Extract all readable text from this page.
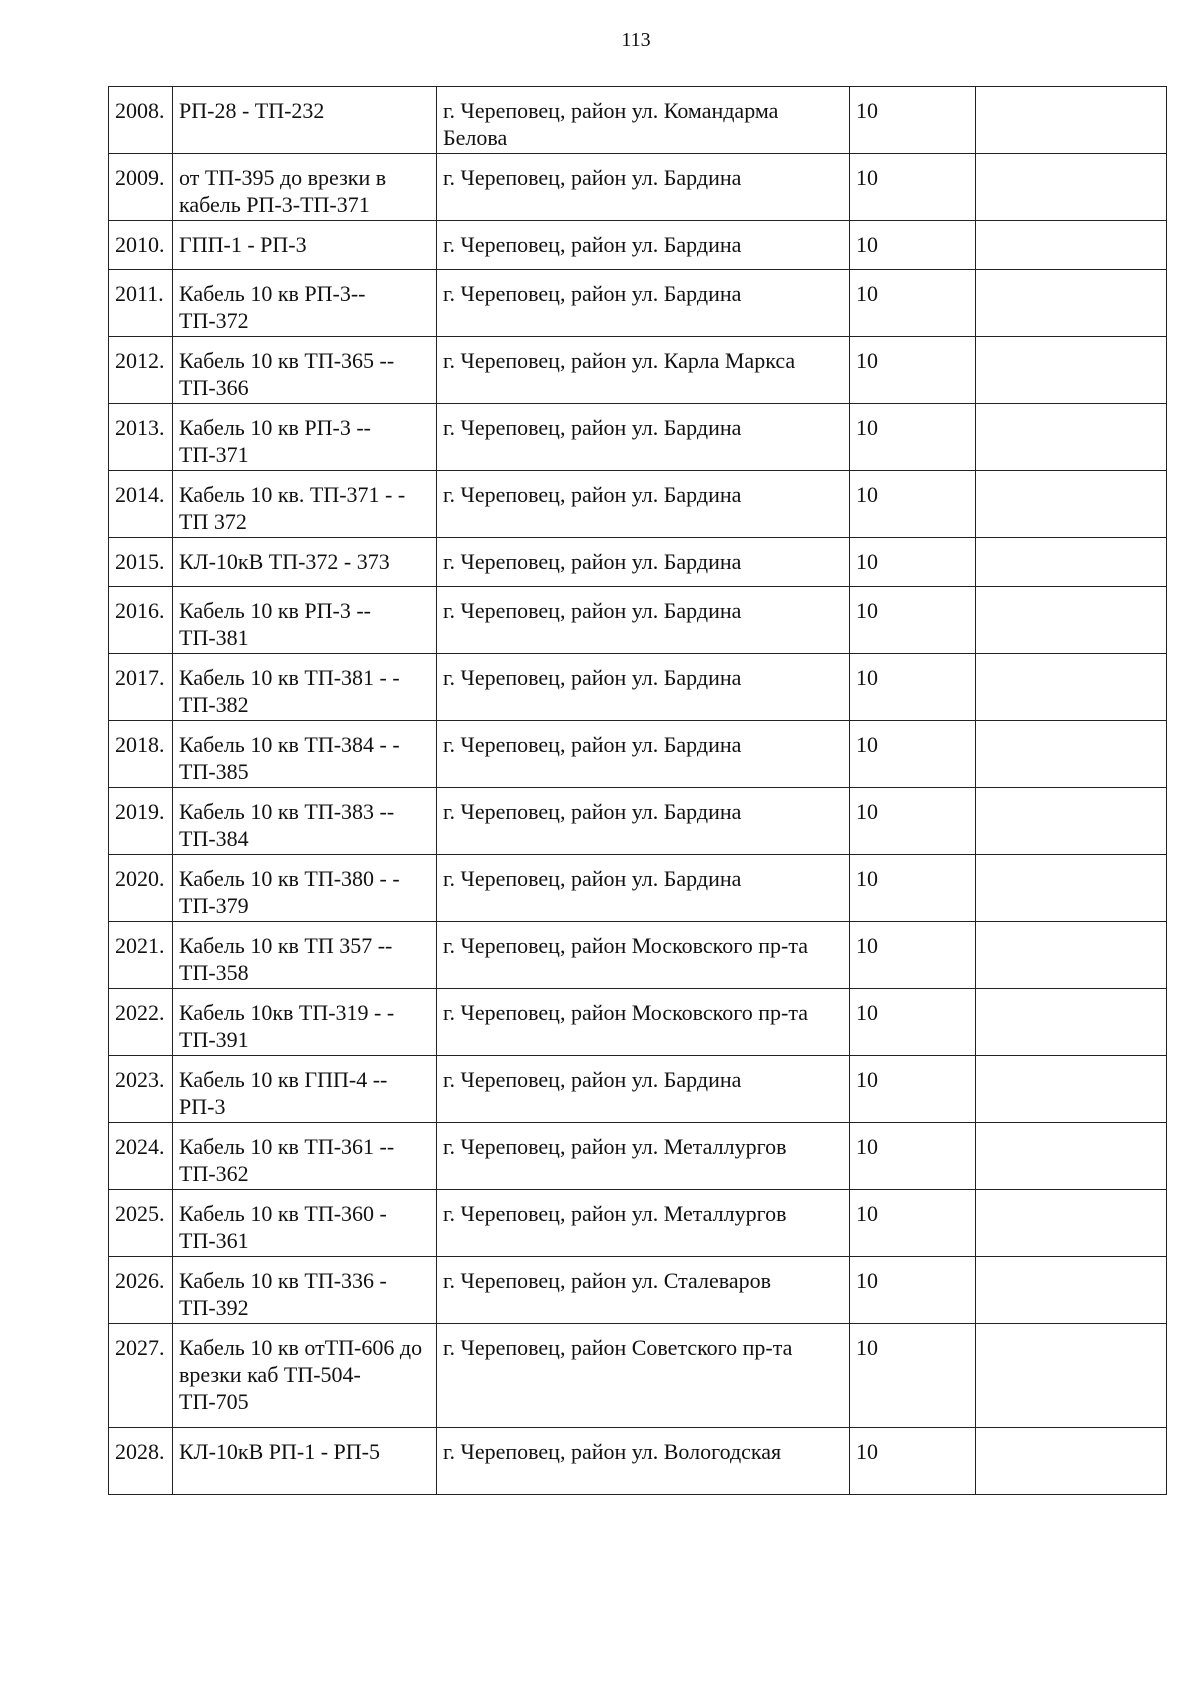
113
2008.	РП-28 - ТП-232	г. Череповец, район ул. Командарма Белова	10	
2009.	от ТП-395 до врезки в кабель РП-3-ТП-371	г. Череповец, район ул. Бардина	10	
2010.	ГПП-1 - РП-3	г. Череповец, район ул. Бардина	10	
2011.	Кабель 10 кв РП-3-- ТП-372	г. Череповец, район ул. Бардина	10	
2012.	Кабель 10 кв ТП-365 -- ТП-366	г. Череповец, район ул. Карла Маркса	10	
2013.	Кабель 10 кв РП-3 -- ТП-371	г. Череповец, район ул. Бардина	10	
2014.	Кабель 10 кв. ТП-371 - - ТП 372	г. Череповец, район ул. Бардина	10	
2015.	КЛ-10кВ ТП-372 - 373	г. Череповец, район ул. Бардина	10	
2016.	Кабель 10 кв РП-3 -- ТП-381	г. Череповец, район ул. Бардина	10	
2017.	Кабель 10 кв ТП-381 - - ТП-382	г. Череповец, район ул. Бардина	10	
2018.	Кабель 10 кв ТП-384 - - ТП-385	г. Череповец, район ул. Бардина	10	
2019.	Кабель 10 кв ТП-383 -- ТП-384	г. Череповец, район ул. Бардина	10	
2020.	Кабель 10 кв ТП-380 - - ТП-379	г. Череповец, район ул. Бардина	10	
2021.	Кабель 10 кв ТП 357 -- ТП-358	г. Череповец, район Московского пр-та	10	
2022.	Кабель 10кв ТП-319 - - ТП-391	г. Череповец, район Московского пр-та	10	
2023.	Кабель 10 кв ГПП-4 -- РП-3	г. Череповец, район ул. Бардина	10	
2024.	Кабель 10 кв ТП-361 -- ТП-362	г. Череповец, район ул. Металлургов	10	
2025.	Кабель 10 кв ТП-360 - ТП-361	г. Череповец, район ул. Металлургов	10	
2026.	Кабель 10 кв ТП-336 - ТП-392	г. Череповец, район ул. Сталеваров	10	
2027.	Кабель 10 кв отТП-606 до врезки каб ТП-504-ТП-705	г. Череповец, район Советского пр-та	10	
2028.	КЛ-10кВ РП-1 - РП-5	г. Череповец, район ул. Вологодская	10	
